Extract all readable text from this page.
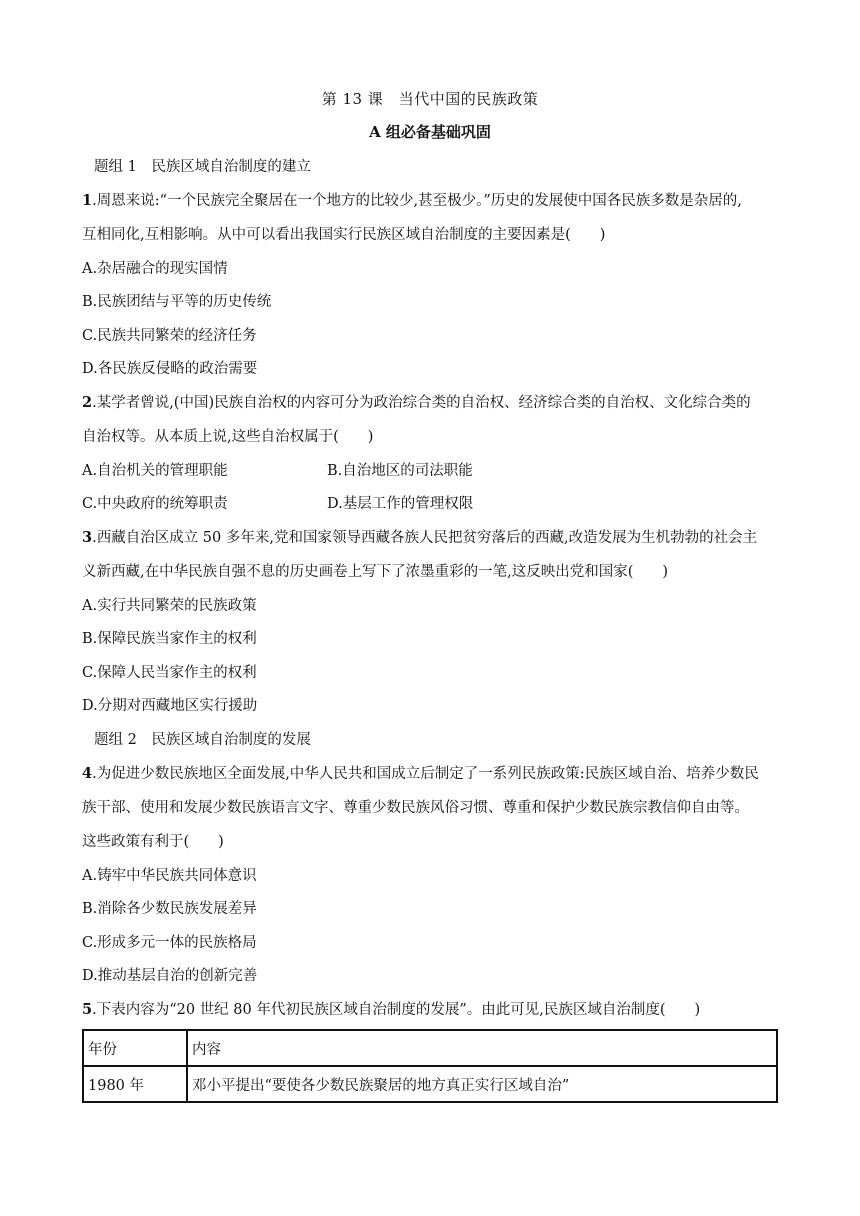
第 13 课　当代中国的民族政策
A 组必备基础巩固
题组 1　民族区域自治制度的建立
1.周恩来说:“一个民族完全聚居在一个地方的比较少,甚至极少。”历史的发展使中国各民族多数是杂居的,
互相同化,互相影响。从中可以看出我国实行民族区域自治制度的主要因素是(　　)
A.杂居融合的现实国情
B.民族团结与平等的历史传统
C.民族共同繁荣的经济任务
D.各民族反侵略的政治需要
2.某学者曾说,(中国)民族自治权的内容可分为政治综合类的自治权、经济综合类的自治权、文化综合类的
自治权等。从本质上说,这些自治权属于(　　)
A.自治机关的管理职能	B.自治地区的司法职能
C.中央政府的统筹职责	D.基层工作的管理权限
3.西藏自治区成立 50 多年来,党和国家领导西藏各族人民把贫穷落后的西藏,改造发展为生机勃勃的社会主
义新西藏,在中华民族自强不息的历史画卷上写下了浓墨重彩的一笔,这反映出党和国家(　　)
A.实行共同繁荣的民族政策
B.保障民族当家作主的权利
C.保障人民当家作主的权利
D.分期对西藏地区实行援助
题组 2　民族区域自治制度的发展
4.为促进少数民族地区全面发展,中华人民共和国成立后制定了一系列民族政策:民族区域自治、培养少数民
族干部、使用和发展少数民族语言文字、尊重少数民族风俗习惯、尊重和保护少数民族宗教信仰自由等。
这些政策有利于(　　)
A.铸牢中华民族共同体意识
B.消除各少数民族发展差异
C.形成多元一体的民族格局
D.推动基层自治的创新完善
5.下表内容为“20 世纪 80 年代初民族区域自治制度的发展”。由此可见,民族区域自治制度(　　)
年份	内容
1980 年	邓小平提出“要使各少数民族聚居的地方真正实行区域自治”
